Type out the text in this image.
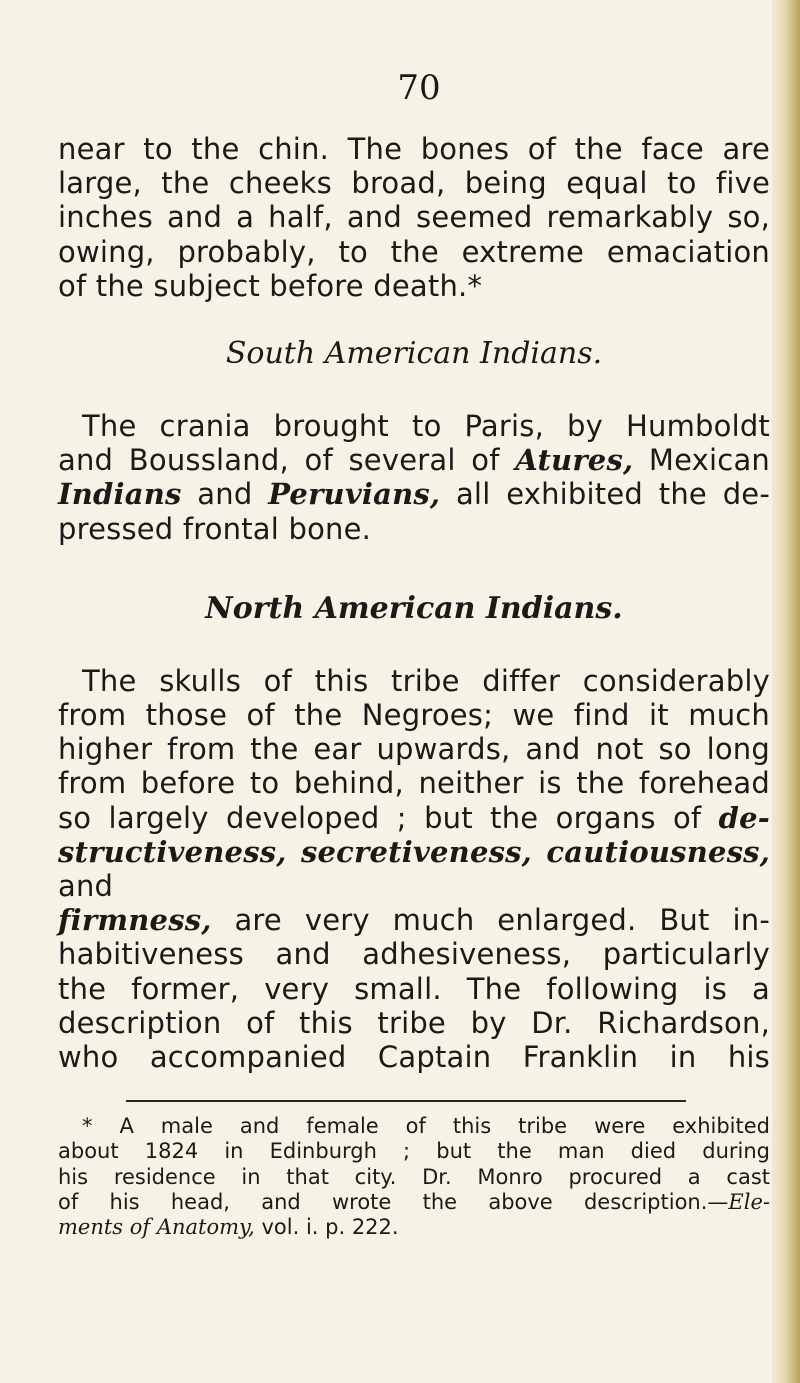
70

near to the chin. The bones of the face are

large, the cheeks broad, being equal to five

inches and a half, and seemed remarkably so,

owing, probably, to the extreme emaciation

of the subject before death.*

South American Indians.

The crania brought to Paris, by Humboldt

and Boussland, of several of Atures, Mexican

Indians and Peruvians, all exhibited the de-

pressed frontal bone.

North American Indians.

The skulls of this tribe differ considerably

from those of the Negroes; we find it much

higher from the ear upwards, and not so long

from before to behind, neither is the forehead

so largely developed ; but the organs of de-

structiveness, secretiveness, cautiousness, and

firmness, are very much enlarged. But in-

habitiveness and adhesiveness, particularly

the former, very small. The following is a

description of this tribe by Dr. Richardson,

who accompanied Captain Franklin in his

* A male and female of this tribe were exhibited

about 1824 in Edinburgh ; but the man died during

his residence in that city. Dr. Monro procured a cast

of his head, and wrote the above description.—Ele-

ments of Anatomy, vol. i. p. 222.
